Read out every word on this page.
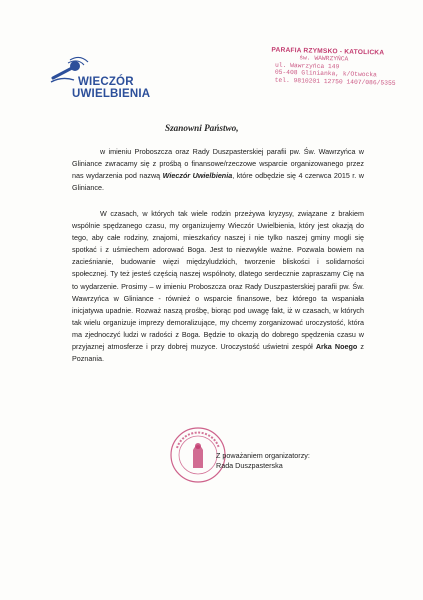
WIECZÓR
UWIELBIENIA
PARAFIA RZYMSKO - KATOLICKA
św. WAWRZYŃCA
ul. Wawrzyńca 149
05-408 Glinianka, k/Otwocka
tel. 9810201 12750 1407/086/5355
Szanowni Państwo,

w imieniu Proboszcza oraz Rady Duszpasterskiej parafii pw. Św. Wawrzyńca w Gliniance zwracamy się z prośbą o finansowe/rzeczowe wsparcie organizowanego przez nas wydarzenia pod nazwą Wieczór Uwielbienia, które odbędzie się 4 czerwca 2015 r. w Gliniance.

W czasach, w których tak wiele rodzin przeżywa kryzysy, związane z brakiem wspólnie spędzanego czasu, my organizujemy Wieczór Uwielbienia, który jest okazją do tego, aby całe rodziny, znajomi, mieszkańcy naszej i nie tylko naszej gminy mogli się spotkać i z uśmiechem adorować Boga. Jest to niezwykle ważne. Pozwala bowiem na zacieśnianie, budowanie więzi międzyludzkich, tworzenie bliskości i solidarności społecznej. Ty też jesteś częścią naszej wspólnoty, dlatego serdecznie zapraszamy Cię na to wydarzenie. Prosimy – w imieniu Proboszcza oraz Rady Duszpasterskiej parafii pw. Św. Wawrzyńca w Gliniance - również o wsparcie finansowe, bez którego ta wspaniała inicjatywa upadnie. Rozważ naszą prośbę, biorąc pod uwagę fakt, iż w czasach, w których tak wielu organizuje imprezy demoralizujące, my chcemy zorganizować uroczystość, która ma zjednoczyć ludzi w radości z Boga. Będzie to okazją do dobrego spędzenia czasu w przyjaznej atmosferze i przy dobrej muzyce. Uroczystość uświetni zespół Arka Noego z Poznania.

Z poważaniem organizatorzy:
Rada Duszpasterska
